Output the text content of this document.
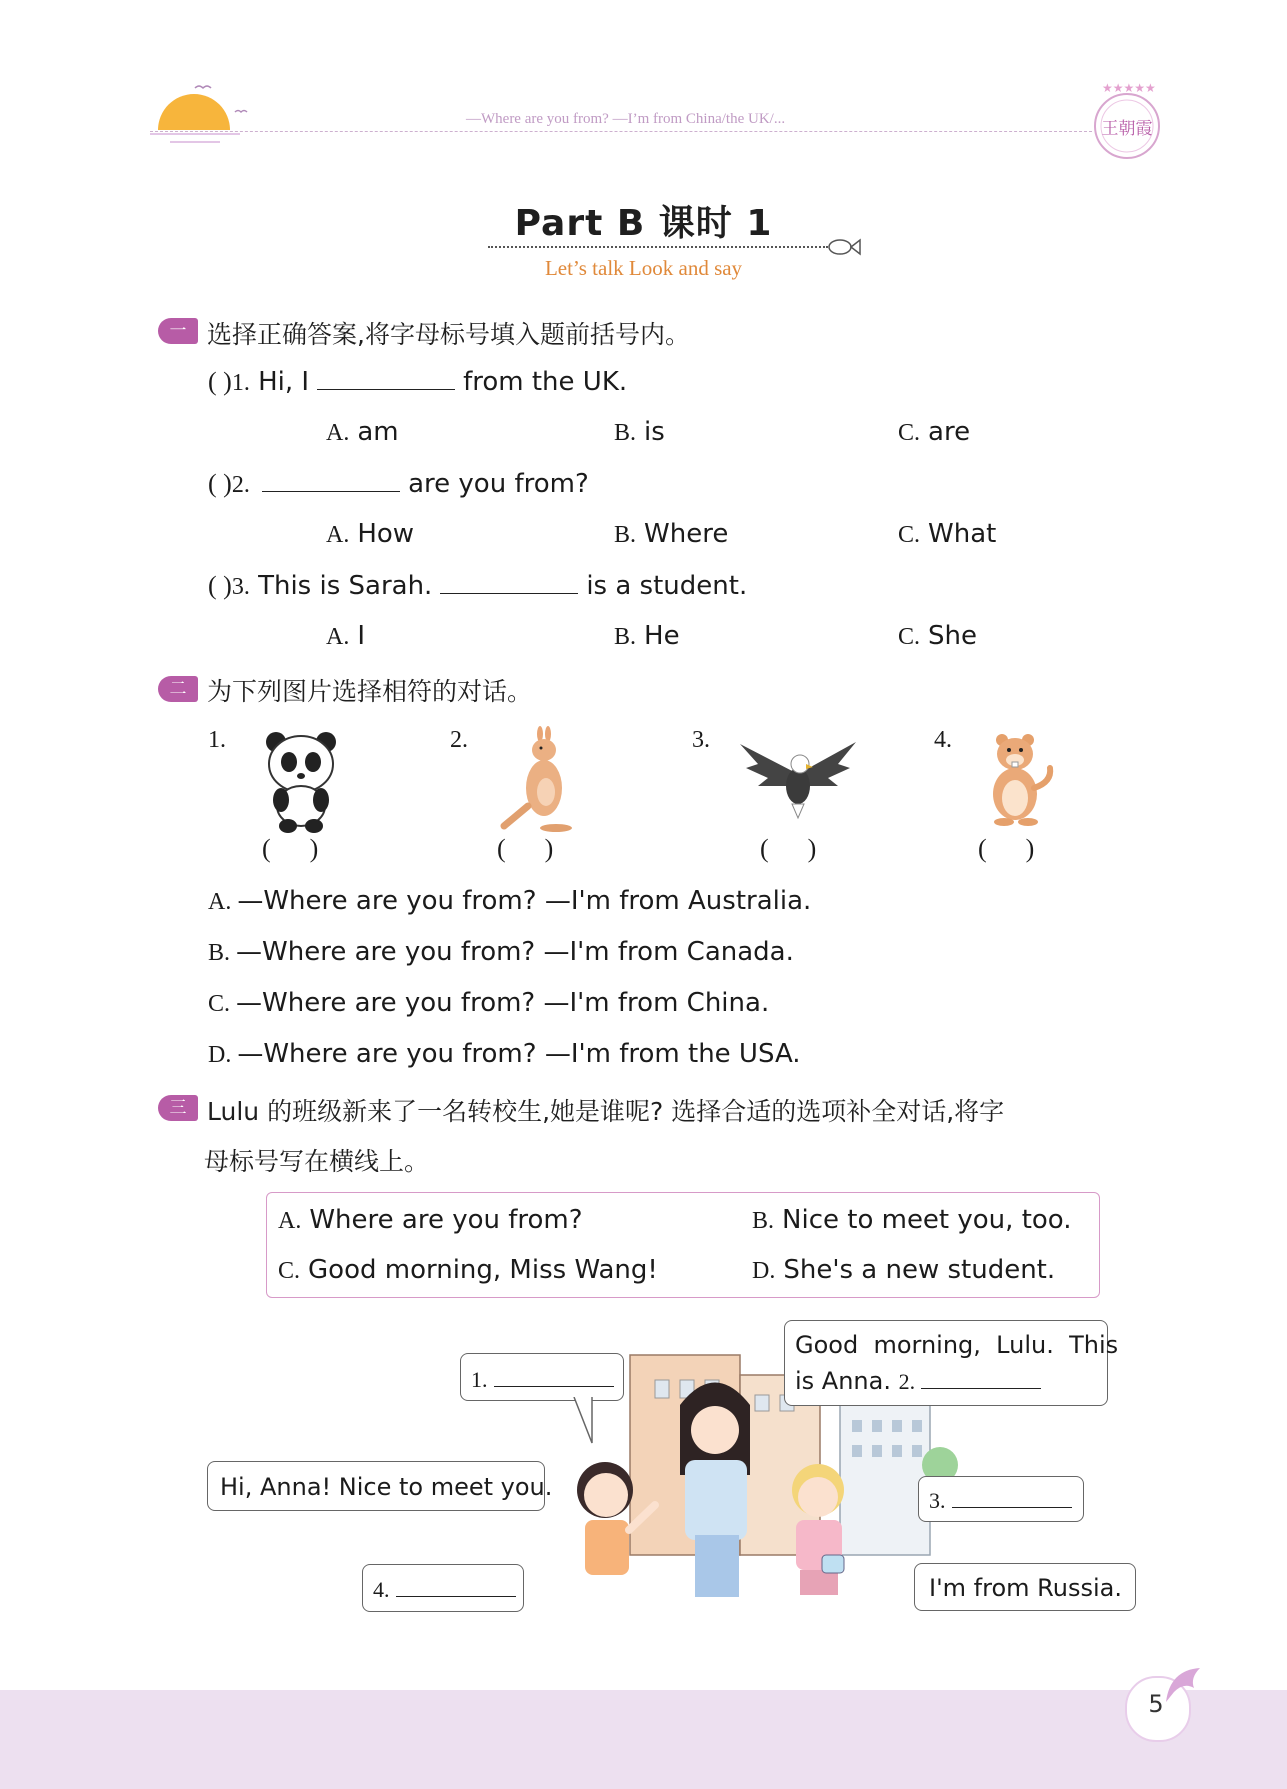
—Where are you from? —I’m from China/the UK/...
★★★★★
王朝霞
Part B 课时 1
Let’s talk Look and say
一 选择正确答案,将字母标号填入题前括号内。
( )1. Hi, I	from the UK.
A. am	B. is	C. are
( )2.	are you from?
A. How	B. Where	C. What
( )3. This is Sarah.	is a student.
A. I	B. He	C. She
二 为下列图片选择相符的对话。
1.
(      )
2.
(      )
3.
(      )
4.
(      )
A. —Where are you from? —I'm from Australia.
B. —Where are you from? —I'm from Canada.
C. —Where are you from? —I'm from China.
D. —Where are you from? —I'm from the USA.
三 Lulu 的班级新来了一名转校生,她是谁呢? 选择合适的选项补全对话,将字
母标号写在横线上。
A. Where are you from?	B. Nice to meet you, too.
C. Good morning, Miss Wang!	D. She's a new student.
1.
Good  morning,  Lulu.  This
is Anna. 2.
Hi, Anna! Nice to meet you.	3.
4.	I'm from Russia.
5
